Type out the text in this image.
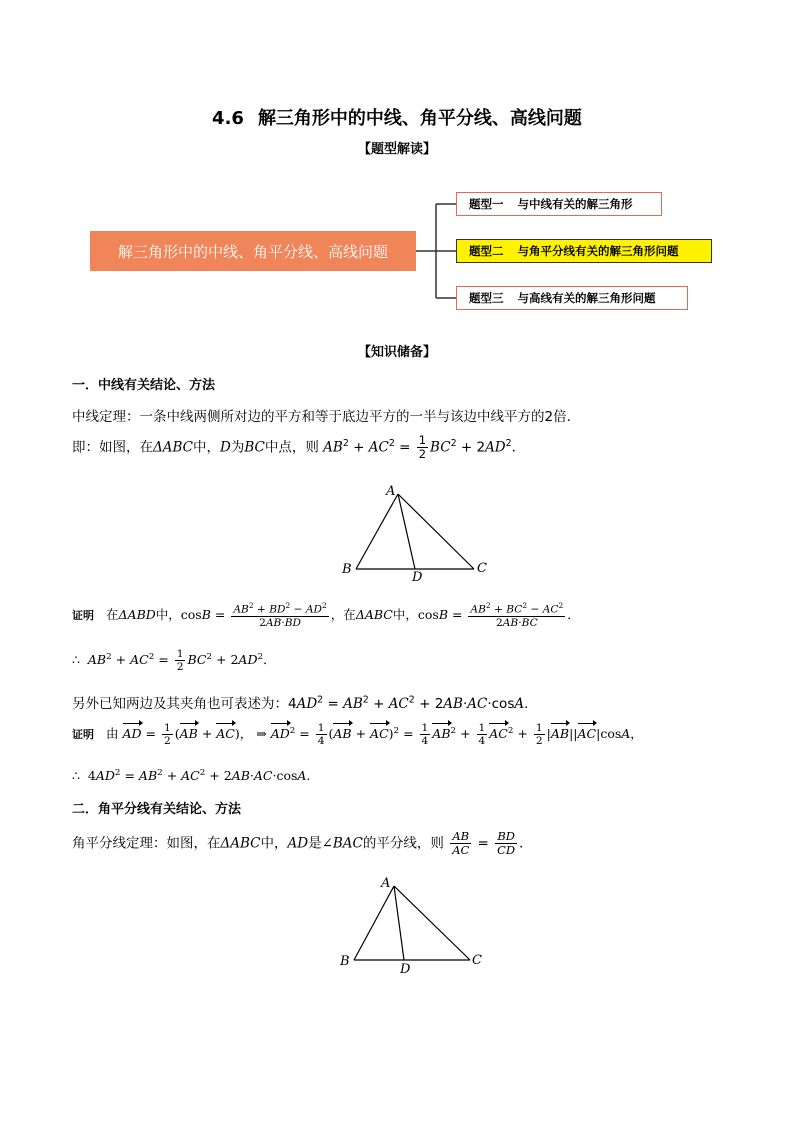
4.6 解三角形中的中线、角平分线、高线问题
【题型解读】
解三角形中的中线、角平分线、高线问题
题型一 与中线有关的解三角形
题型二 与角平分线有关的解三角形问题
题型三 与高线有关的解三角形问题
【知识储备】
一．中线有关结论、方法
中线定理：一条中线两侧所对边的平方和等于底边平方的一半与该边中线平方的2倍．
即：如图，在ΔABC中，D为BC中点，则 $AB^2 + AC^2 = \frac{1}{2} BC^2 + 2AD^2$．
A
B	C
D
证明 在ΔABD中，$\cos B = \frac{AB^2 + BD^2 - AD^2}{2AB\cdot BD}$ ，在ΔABC中，$\cos B = \frac{AB^2 + BC^2 - AC^2}{2AB\cdot BC}$ ．
∴ $AB^2 + AC^2 = \frac{1}{2} BC^2 + 2AD^2$．
另外已知两边及其夹角也可表述为：$4AD^2 = AB^2 + AC^2 + 2AB\cdot AC\cdot\cos A$．
证明 由 AD = $\frac{1}{2} (AB + AC)$， ⇒ $AD^2 = \frac{1}{4} (AB + AC)^2 = \frac{1}{4} AB^2 + \frac{1}{4} AC^2 + \frac{1}{2} |AB||AC|\cos A$，
∴  $4AD^2 = AB^2 + AC^2 + 2AB\cdot AC\cdot\cos A$．
二．角平分线有关结论、方法
角平分线定理：如图，在ΔABC中，AD是∠BAC的平分线，则 $\frac{AB}{AC} = \frac{BD}{CD}$ ．
A
B	C
D
